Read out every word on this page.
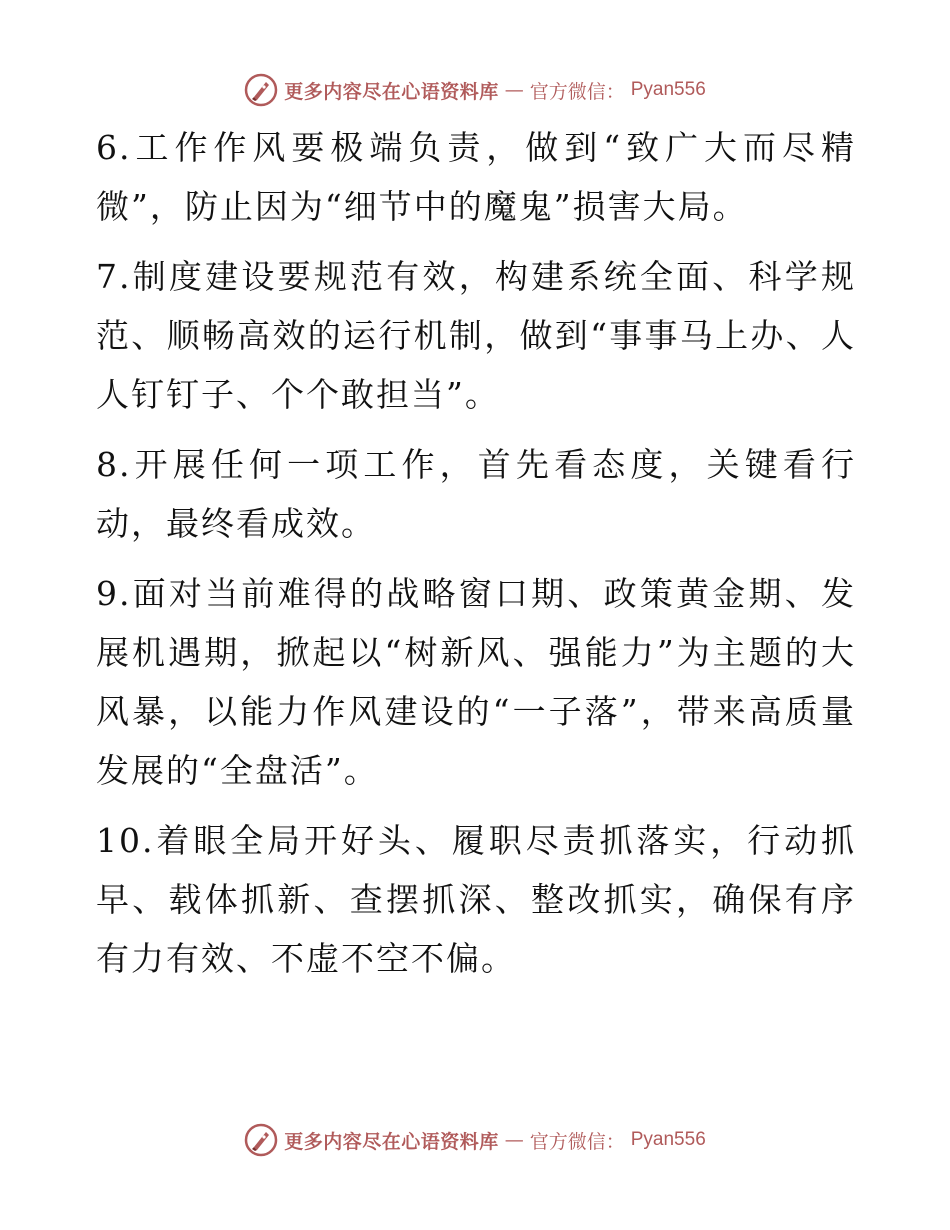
更多内容尽在心语资料库 — 官方微信： Pyan556

6.工作作风要极端负责，做到“致广大而尽精微”，防止因为“细节中的魔鬼”损害大局。

7.制度建设要规范有效，构建系统全面、科学规范、顺畅高效的运行机制，做到“事事马上办、人人钉钉子、个个敢担当”。

8.开展任何一项工作，首先看态度，关键看行动，最终看成效。

9.面对当前难得的战略窗口期、政策黄金期、发展机遇期，掀起以“树新风、强能力”为主题的大风暴，以能力作风建设的“一子落”，带来高质量发展的“全盘活”。

10.着眼全局开好头、履职尽责抓落实，行动抓早、载体抓新、查摆抓深、整改抓实，确保有序有力有效、不虚不空不偏。

更多内容尽在心语资料库 — 官方微信： Pyan556
